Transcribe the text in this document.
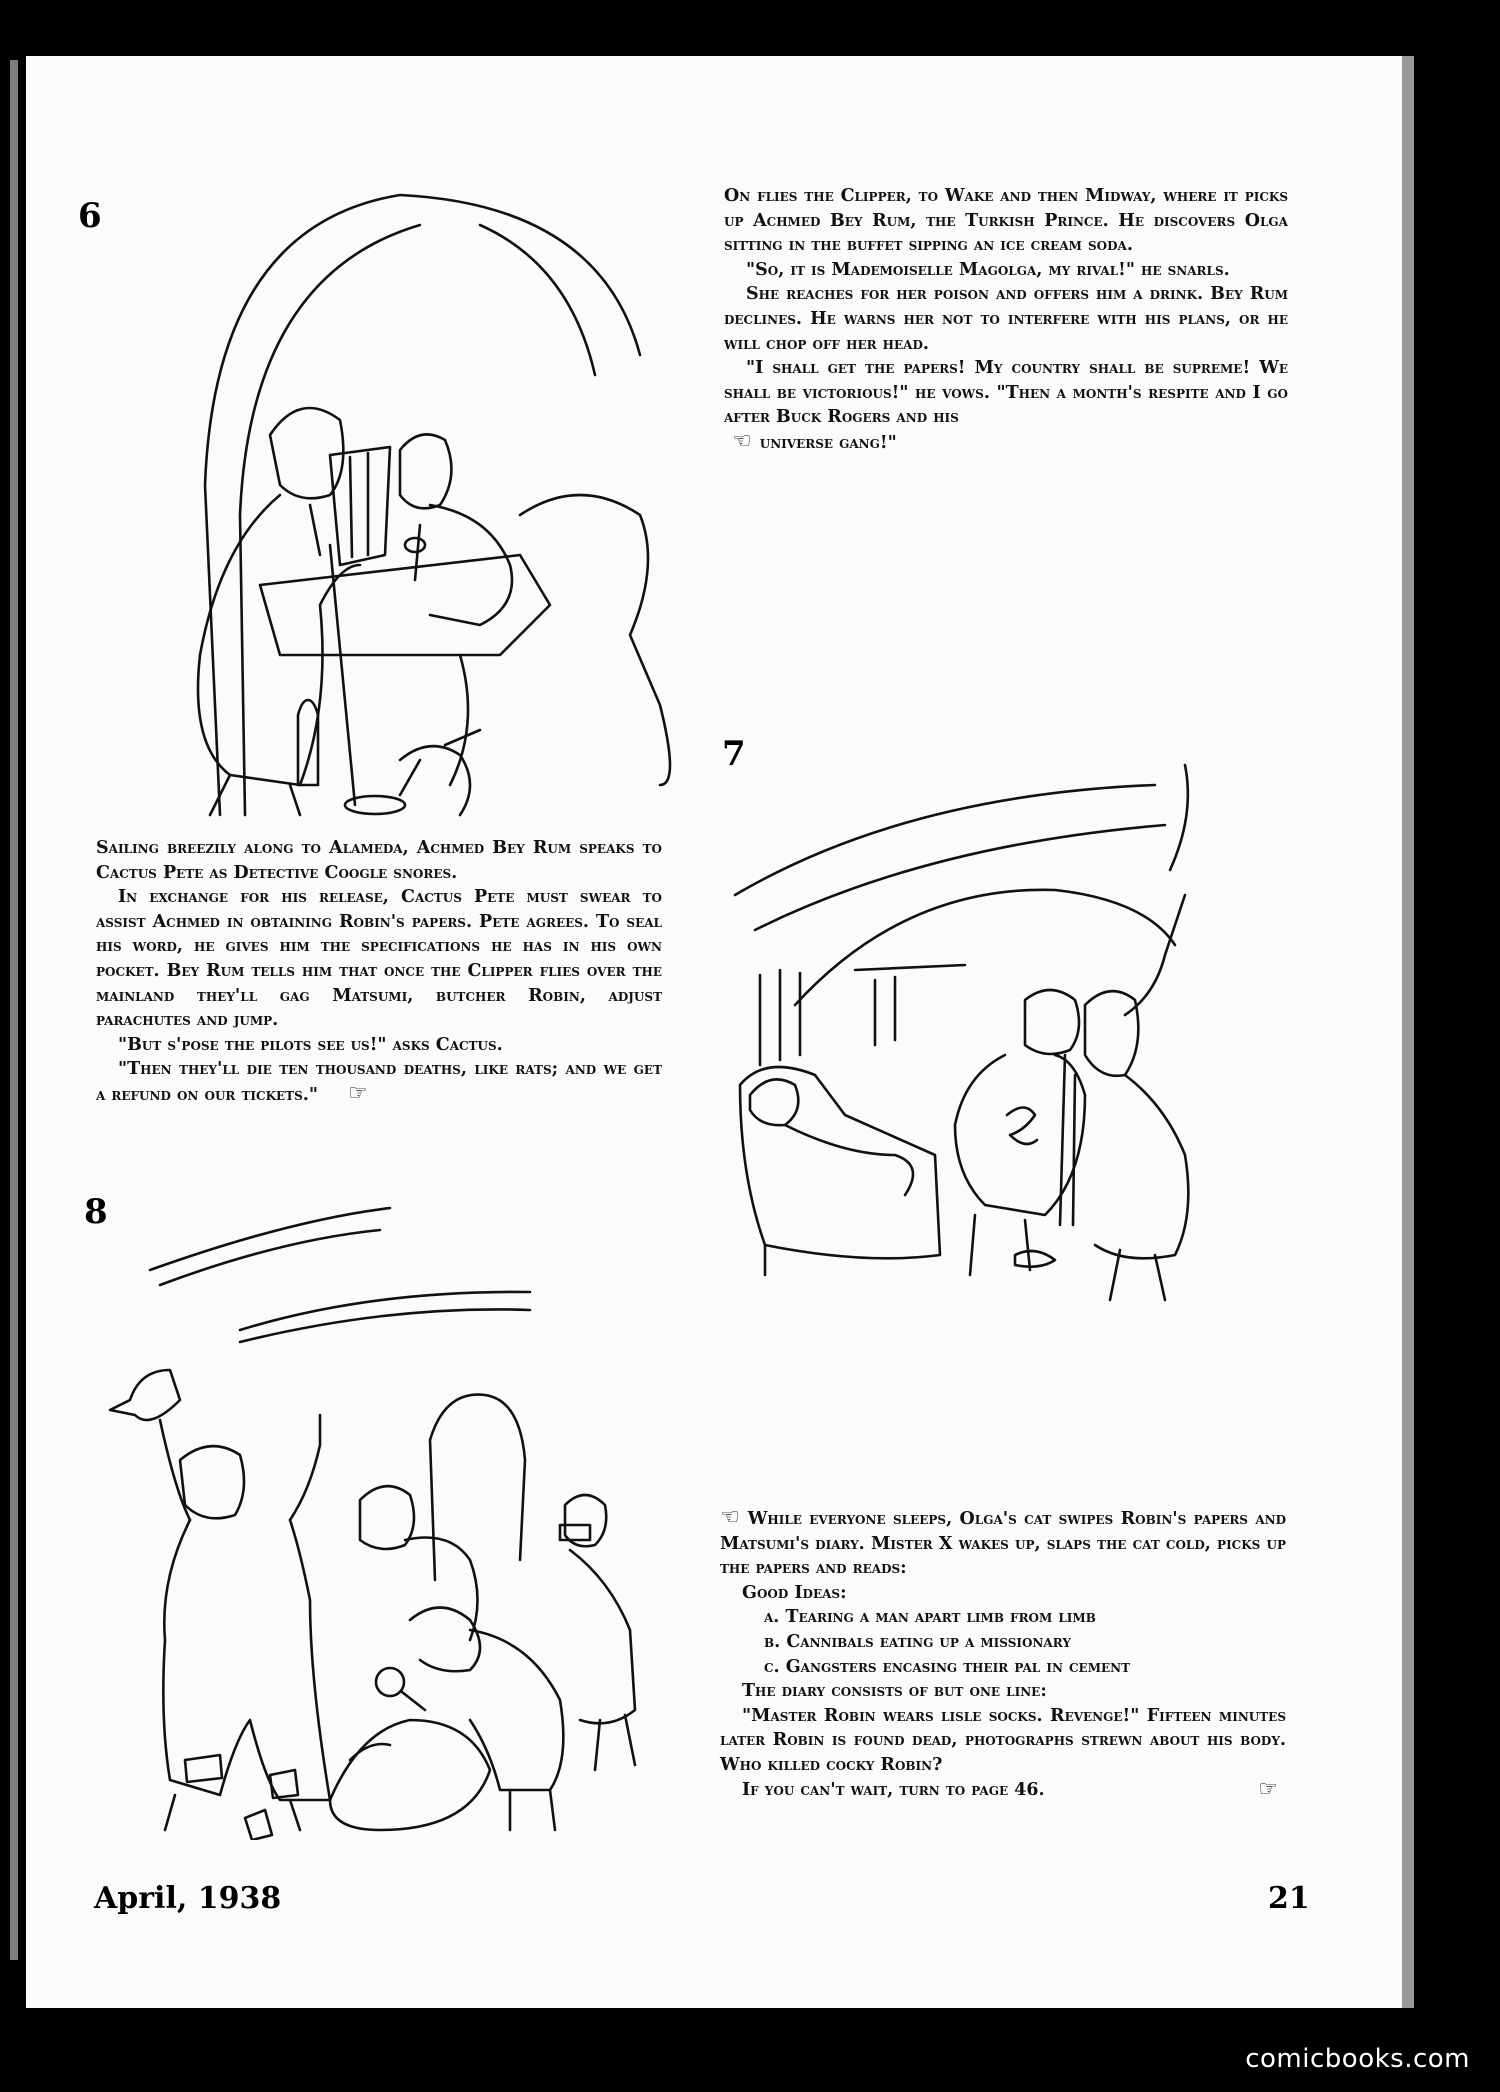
6	On flies the Clipper, to Wake and then Midway, where it picks up Achmed Bey Rum, the Turkish Prince. He discovers Olga sitting in the buffet sipping an ice cream soda.

"So, it is Mademoiselle Magolga, my rival!" he snarls.

She reaches for her poison and offers him a drink. Bey Rum declines. He warns her not to interfere with his plans, or he will chop off her head.

"I shall get the papers! My country shall be supreme! We shall be victorious!" he vows. "Then a month's respite and I go after Buck Rogers and his

☞ universe gang!"

Sailing breezily along to Alameda, Achmed Bey Rum speaks to Cactus Pete as Detective Coogle snores.

In exchange for his release, Cactus Pete must swear to assist Achmed in obtaining Robin's papers. Pete agrees. To seal his word, he gives him the specifications he has in his own pocket. Bey Rum tells him that once the Clipper flies over the mainland they'll gag Matsumi, butcher Robin, adjust parachutes and jump.

"But s'pose the pilots see us!" asks Cactus.

"Then they'll die ten thousand deaths, like rats; and we get a refund on our tickets." ☞

7
8

☞ While everyone sleeps, Olga's cat swipes Robin's papers and Matsumi's diary. Mister X wakes up, slaps the cat cold, picks up the papers and reads:

Good Ideas:

a. Tearing a man apart limb from limb

b. Cannibals eating up a missionary

c. Gangsters encasing their pal in cement

The diary consists of but one line:

"Master Robin wears lisle socks. Revenge!" Fifteen minutes later Robin is found dead, photographs strewn about his body. Who killed cocky Robin?

If you can't wait, turn to page 46.	☞

April, 1938	21
comicbooks.com
